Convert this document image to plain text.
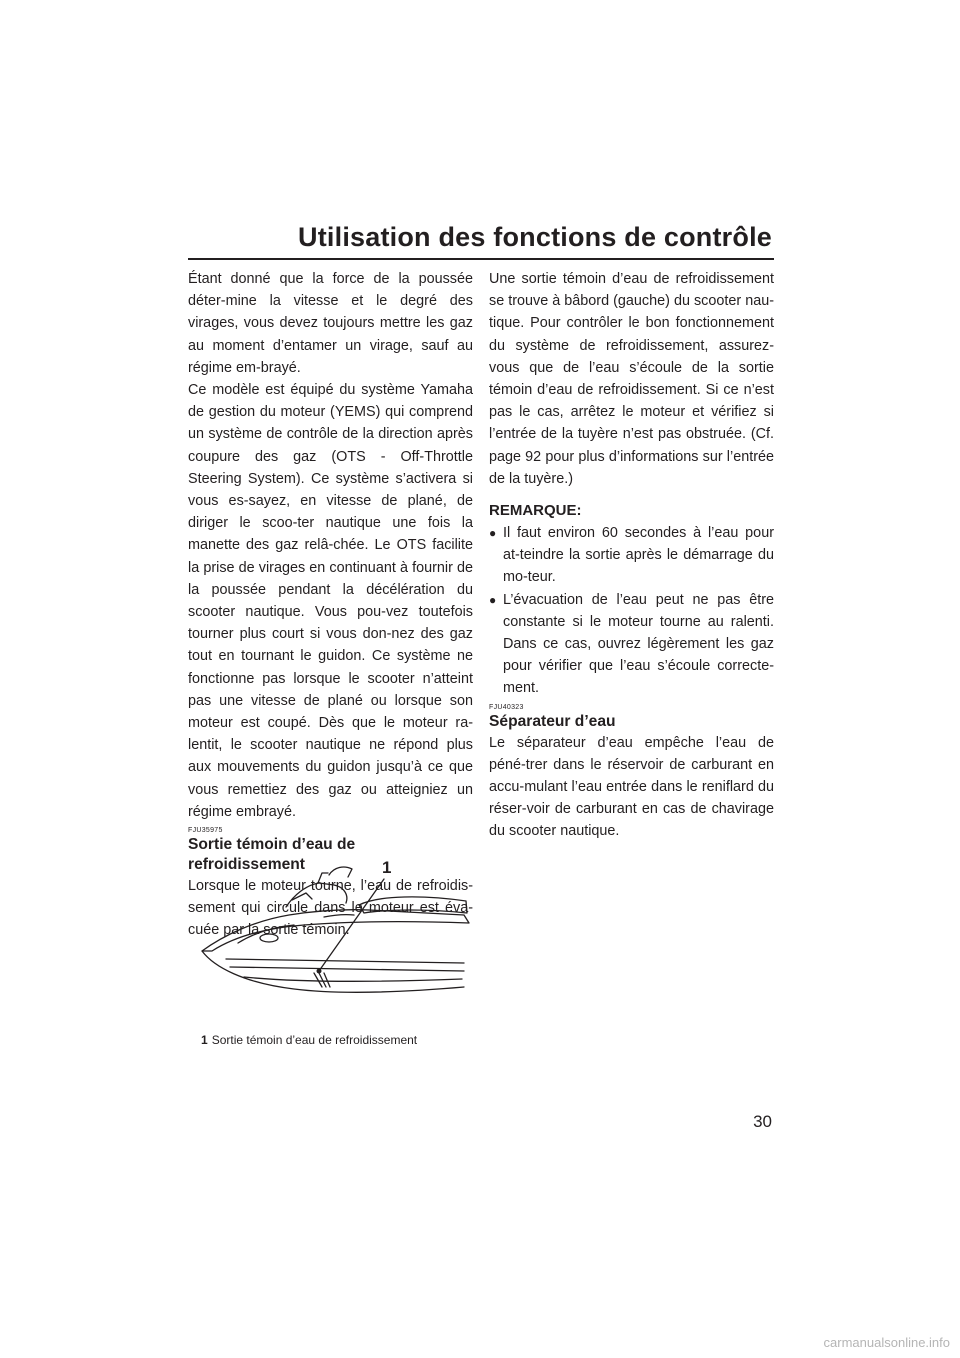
Utilisation des fonctions de contrôle

Étant donné que la force de la poussée déter-mine la vitesse et le degré des virages, vous devez toujours mettre les gaz au moment d’entamer un virage, sauf au régime em-brayé.

Ce modèle est équipé du système Yamaha de gestion du moteur (YEMS) qui comprend un système de contrôle de la direction après coupure des gaz (OTS - Off-Throttle Steering System). Ce système s’activera si vous es-sayez, en vitesse de plané, de diriger le scoo-ter nautique une fois la manette des gaz relâ-chée. Le OTS facilite la prise de virages en continuant à fournir de la poussée pendant la décélération du scooter nautique. Vous pou-vez toutefois tourner plus court si vous don-nez des gaz tout en tournant le guidon. Ce système ne fonctionne pas lorsque le scooter n’atteint pas une vitesse de plané ou lorsque son moteur est coupé. Dès que le moteur ra-lentit, le scooter nautique ne répond plus aux mouvements du guidon jusqu’à ce que vous remettiez des gaz ou atteigniez un régime embrayé.

FJU35975
Sortie témoin d’eau de refroidissement

Lorsque le moteur tourne, l’eau de refroidis-sement qui circule dans le moteur est éva-cuée par la sortie témoin.

1
1 Sortie témoin d’eau de refroidissement

Une sortie témoin d’eau de refroidissement se trouve à bâbord (gauche) du scooter nau-tique. Pour contrôler le bon fonctionnement du système de refroidissement, assurez-vous que de l’eau s’écoule de la sortie témoin d’eau de refroidissement. Si ce n’est pas le cas, arrêtez le moteur et vérifiez si l’entrée de la tuyère n’est pas obstruée. (Cf. page 92 pour plus d’informations sur l’entrée de la tuyère.)

REMARQUE:
● Il faut environ 60 secondes à l’eau pour at-teindre la sortie après le démarrage du mo-teur.
● L’évacuation de l’eau peut ne pas être constante si le moteur tourne au ralenti. Dans ce cas, ouvrez légèrement les gaz pour vérifier que l’eau s’écoule correcte-ment.
FJU40323
Séparateur d’eau

Le séparateur d’eau empêche l’eau de péné-trer dans le réservoir de carburant en accu-mulant l’eau entrée dans le reniflard du réser-voir de carburant en cas de chavirage du scooter nautique.

30
carmanualsonline.info
